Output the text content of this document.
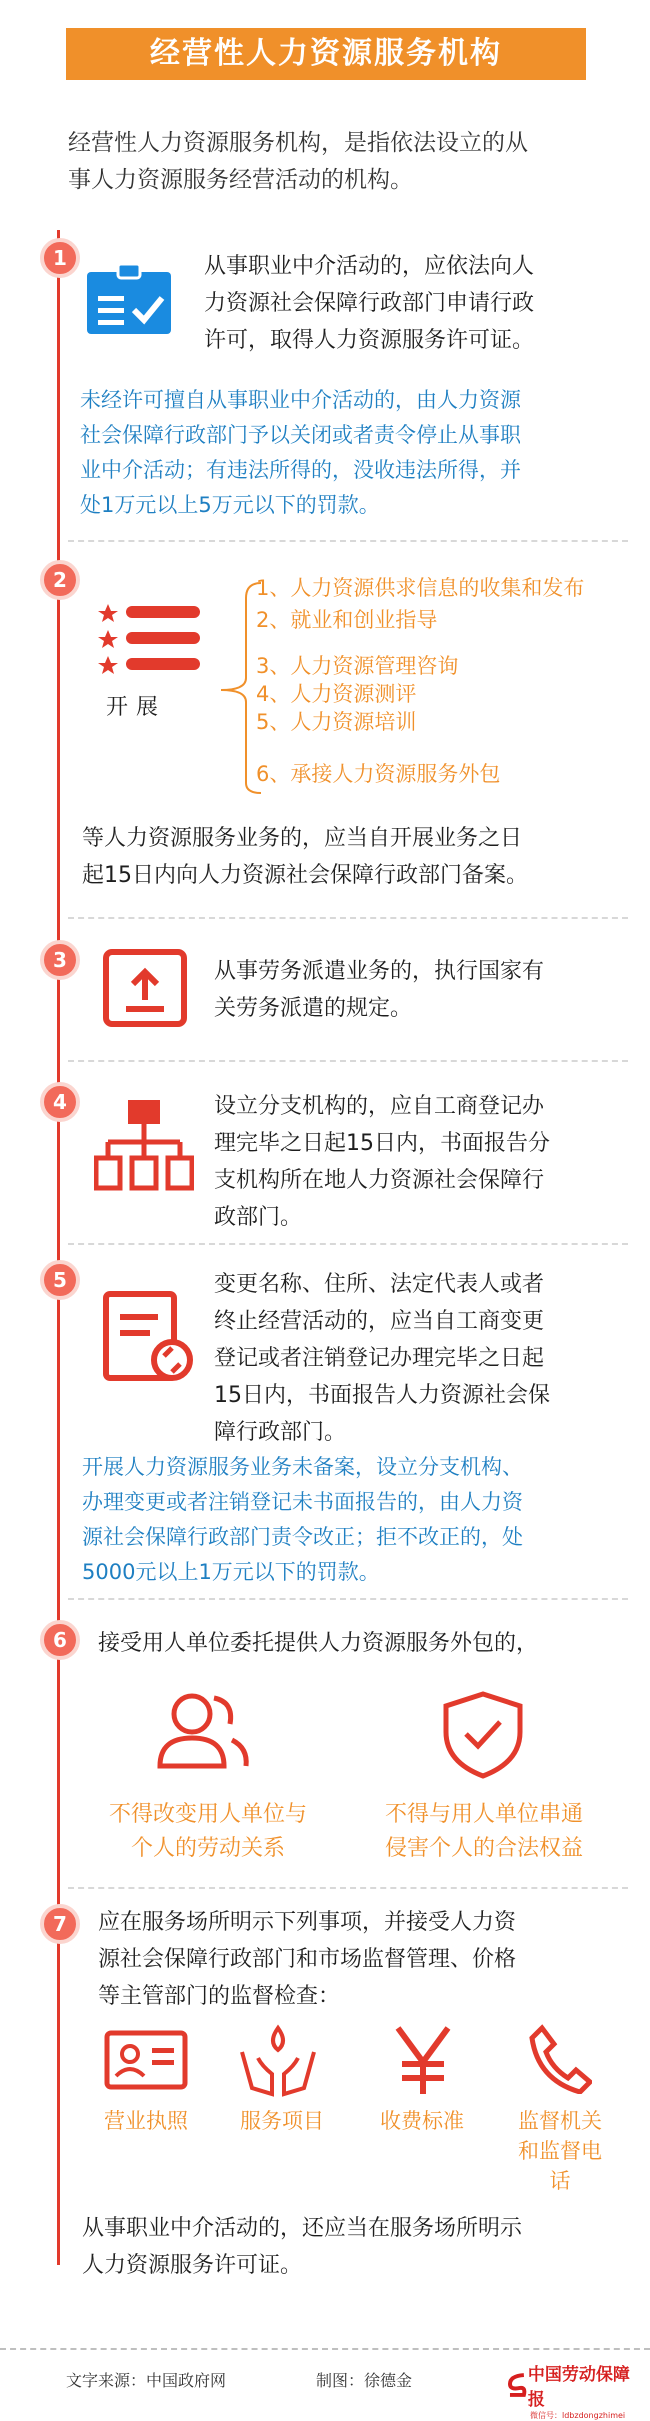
经营性人力资源服务机构
经营性人力资源服务机构，是指依法设立的从
事人力资源服务经营活动的机构。
1	从事职业中介活动的，应依法向人
力资源社会保障行政部门申请行政
许可，取得人力资源服务许可证。
未经许可擅自从事职业中介活动的，由人力资源
社会保障行政部门予以关闭或者责令停止从事职
业中介活动；有违法所得的，没收违法所得，并
处1万元以上5万元以下的罚款。
2
开展
1、人力资源供求信息的收集和发布
2、就业和创业指导
3、人力资源管理咨询
4、人力资源测评
5、人力资源培训
6、承接人力资源服务外包
等人力资源服务业务的，应当自开展业务之日
起15日内向人力资源社会保障行政部门备案。
3	从事劳务派遣业务的，执行国家有
关劳务派遣的规定。
4	设立分支机构的，应自工商登记办
理完毕之日起15日内，书面报告分
支机构所在地人力资源社会保障行
政部门。
5	变更名称、住所、法定代表人或者
终止经营活动的，应当自工商变更
登记或者注销登记办理完毕之日起
15日内，书面报告人力资源社会保
障行政部门。
开展人力资源服务业务未备案，设立分支机构、
办理变更或者注销登记未书面报告的，由人力资
源社会保障行政部门责令改正；拒不改正的，处
5000元以上1万元以下的罚款。
6	接受用人单位委托提供人力资源服务外包的，
不得改变用人单位与
个人的劳动关系
不得与用人单位串通
侵害个人的合法权益
7	应在服务场所明示下列事项，并接受人力资
源社会保障行政部门和市场监督管理、价格
等主管部门的监督检查：
营业执照	服务项目	收费标准	监督机关
和监督电
话
从事职业中介活动的，还应当在服务场所明示
人力资源服务许可证。
文字来源：中国政府网	制图：徐德金	中国劳动保障报
微信号：ldbzdongzhimei
